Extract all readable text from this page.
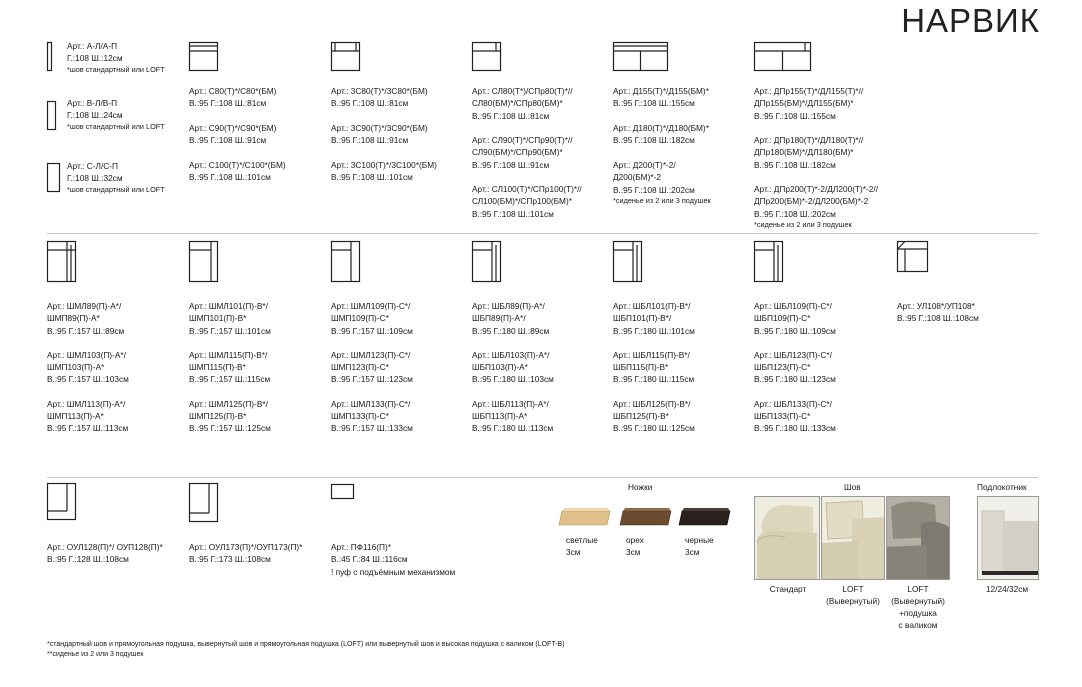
НАРВИК
Арт.: А-Л/А-П
Г.:108 Ш.:12см
*шов стандартный или LOFT
Арт.: В-Л/В-П
Г.:108 Ш.:24см
*шов стандартный или LOFT
Арт.: С-Л/С-П
Г.:108 Ш.:32см
*шов стандартный или LOFT
Арт.: С80(Т)*/С80*(БМ)
В.:95 Г.:108 Ш.:81см
Арт.: С90(Т)*/С90*(БМ)
В.:95 Г.:108 Ш.:91см
Арт.: С100(Т)*/С100*(БМ)
В.:95 Г.:108 Ш.:101см
Арт.: 3С80(Т)*/3С80*(БМ)
В.:95 Г.:108 Ш.:81см
Арт.: 3С90(Т)*/3С90*(БМ)
В.:95 Г.:108 Ш.:91см
Арт.: 3С100(Т)*/3С100*(БМ)
В.:95 Г.:108 Ш.:101см
Арт.: СЛ80(Т*)/СПр80(Т)*//
СЛ80(БМ)*/СПр80(БМ)*
В.:95 Г.:108 Ш.:81см
Арт.: СЛ90(Т)*/СПр90(Т)*//
СЛ90(БМ)*/СПр90(БМ)*
В.:95 Г.:108 Ш.:91см
Арт.: СЛ100(Т)*/СПр100(Т)*//
СЛ100(БМ)*/СПр100(БМ)*
В.:95 Г.:108 Ш.:101см
Арт.: Д155(Т)*/Д155(БМ)*
В.:95 Г.:108 Ш.:155см
Арт.: Д180(Т)*/Д180(БМ)*
В.:95 Г.:108 Ш.:182см
Арт.: Д200(Т)*-2/
Д200(БМ)*-2
В.:95 Г.:108 Ш.:202см
*сиденье из 2 или 3 подушек
Арт.: ДПр155(Т)*/ДЛ155(Т)*//
ДПр155(БМ)*/ДЛ155(БМ)*
В.:95 Г.:108 Ш.:155см
Арт.: ДПр180(Т)*/ДЛ180(Т)*//
ДПр180(БМ)*/ДЛ180(БМ)*
В.:95 Г.:108 Ш.:182см
Арт.: ДПр200(Т)*-2/ДЛ200(Т)*-2//
ДПр200(БМ)*-2/ДЛ200(БМ)*-2
В.:95 Г.:108 Ш.:202см
*сиденье из 2 или 3 подушек
Арт.: ШМЛ89(П)-А*/
ШМП89(П)-А*
В.:95 Г.:157 Ш.:89см
Арт.: ШМЛ103(П)-А*/
ШМП103(П)-А*
В.:95 Г.:157 Ш.:103см
Арт.: ШМЛ113(П)-А*/
ШМП113(П)-А*
В.:95 Г.:157 Ш.:113см
Арт.: ШМЛ101(П)-В*/
ШМП101(П)-В*
В.:95 Г.:157 Ш.:101см
Арт.: ШМЛ115(П)-В*/
ШМП115(П)-В*
В.:95 Г.:157 Ш.:115см
Арт.: ШМЛ125(П)-В*/
ШМП125(П)-В*
В.:95 Г.:157 Ш.:125см
Арт.: ШМЛ109(П)-С*/
ШМП109(П)-С*
В.:95 Г.:157 Ш.:109см
Арт.: ШМЛ123(П)-С*/
ШМП123(П)-С*
В.:95 Г.:157 Ш.:123см
Арт.: ШМЛ133(П)-С*/
ШМП133(П)-С*
В.:95 Г.:157 Ш.:133см
Арт.: ШБЛ89(П)-А*/
ШБП89(П)-А*/
В.:95 Г.:180 Ш.:89см
Арт.: ШБЛ103(П)-А*/
ШБП103(П)-А*
В.:95 Г.:180 Ш.:103см
Арт.: ШБЛ113(П)-А*/
ШБП113(П)-А*
В.:95 Г.:180 Ш.:113см
Арт.: ШБЛ101(П)-В*/
ШБП101(П)-В*/
В.:95 Г.:180 Ш.:101см
Арт.: ШБЛ115(П)-В*/
ШБП115(П)-В*
В.:95 Г.:180 Ш.:115см
Арт.: ШБЛ125(П)-В*/
ШБП125(П)-В*
В.:95 Г.:180 Ш.:125см
Арт.: ШБЛ109(П)-С*/
ШБП109(П)-С*
В.:95 Г.:180 Ш.:109см
Арт.: ШБЛ123(П)-С*/
ШБП123(П)-С*
В.:95 Г.:180 Ш.:123см
Арт.: ШБЛ133(П)-С*/
ШБП133(П)-С*
В.:95 Г.:180 Ш.:133см
Арт.: УЛ108*/УП108*
В.:95 Г.:108 Ш.:108см
Арт.: ОУЛ128(П)*/ ОУП128(П)*
В.:95 Г.:128 Ш.:108см
Арт.: ОУЛ173(П)*/ОУП173(П)*
В.:95 Г.:173 Ш.:108см
Арт.: ПФ116(П)*
В.:45 Г.:84 Ш.:116см
! пуф с подъёмным механизмом
Ножки
светлые
3см
орех
3см
черные
3см
Шов
Стандарт	LOFT
(Вывернутый)
LOFT
(Вывернутый)
+подушка
с валиком
Подлокотник
12/24/32см
*стандартный шов и прямоугольная подушка, вывернутый шов и прямоугольная подушка (LOFT) или вывернутый шов и высокая подушка с валиком (LOFT-B)
**сиденье из 2 или 3 подушек
